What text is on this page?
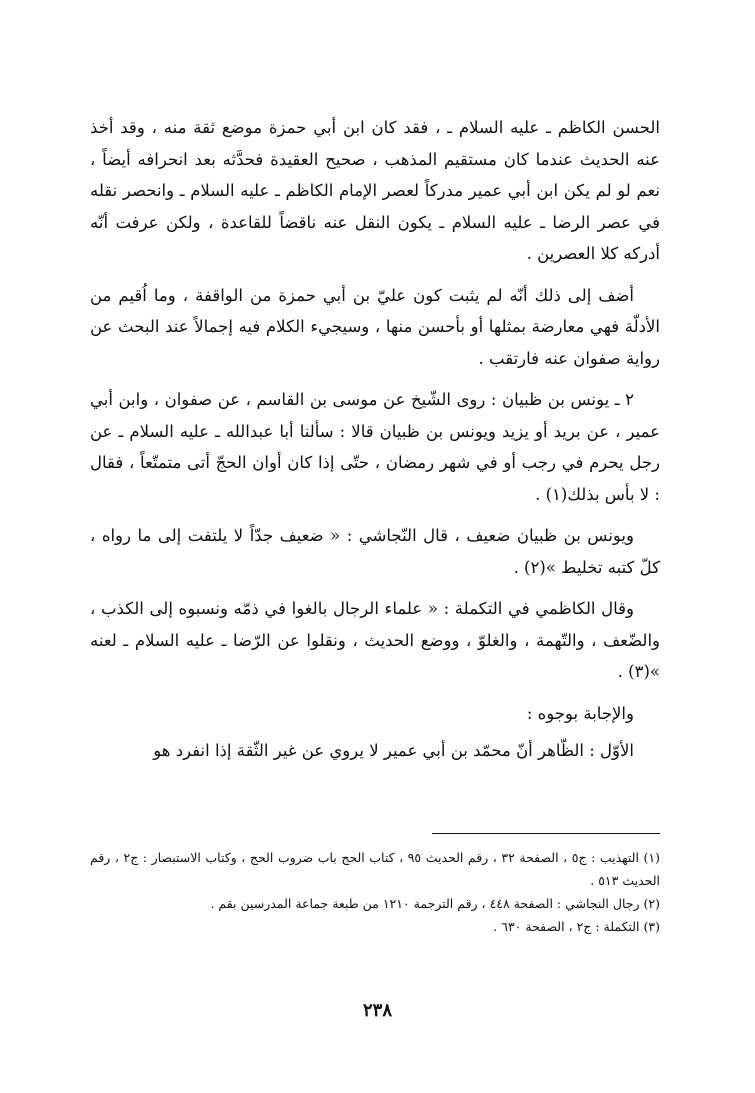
الحسن الكاظم ـ عليه السلام ـ ، فقد كان ابن أبي حمزة موضع ثقة منه ، وقد أخذ عنه الحديث عندما كان مستقيم المذهب ، صحيح العقيدة فحدَّثه بعد انحرافه أيضاً ، نعم لو لم يكن ابن أبي عمير مدركاً لعصر الإمام الكاظم ـ عليه السلام ـ وانحصر نقله في عصر الرضا ـ عليه السلام ـ يكون النقل عنه ناقضاً للقاعدة ، ولكن عرفت أنّه أدركه كلا العصرين .

أضف إلى ذلك أنّه لم يثبت كون عليّ بن أبي حمزة من الواقفة ، وما اُقيم من الأدلّة فهي معارضة بمثلها أو بأحسن منها ، وسيجيء الكلام فيه إجمالاً عند البحث عن رواية صفوان عنه فارتقب .

٢ ـ يونس بن ظبيان : روى الشّيخ عن موسى بن القاسم ، عن صفوان ، وابن أبي عمير ، عن بريد أو يزيد ويونس بن ظبيان قالا : سألنا أبا عبدالله ـ عليه السلام ـ عن رجل يحرم في رجب أو في شهر رمضان ، حتّى إذا كان أوان الحجّ أتى متمتّعاً ، فقال : لا بأس بذلك(١) .

ويونس بن ظبيان ضعيف ، قال النّجاشي : « ضعيف جدّاً لا يلتفت إلى ما رواه ، كلّ كتبه تخليط »(٢) .

وقال الكاظمي في التكملة : « علماء الرجال بالغوا في ذمّه ونسبوه إلى الكذب ، والضّعف ، والتّهمة ، والغلوّ ، ووضع الحديث ، ونقلوا عن الرّضا ـ عليه السلام ـ لعنه »(٣) .

والإجابة بوجوه :

الأوّل : الظّاهر أنّ محمّد بن أبي عمير لا يروي عن غير الثّقة إذا انفرد هو

(١) التهذيب : ج٥ ، الصفحة ٣٢ ، رقم الحديث ٩٥ ، كتاب الحج باب ضروب الحج ، وكتاب الاستبصار : ج٢ ، رقم الحديث ٥١٣ .

(٢) رجال النجاشي : الصفحة ٤٤٨ ، رقم الترجمة ١٢١٠ من طبعة جماعة المدرسين بقم .

(٣) التكملة : ج٢ ، الصفحة ٦٣٠ .

٢٣٨
